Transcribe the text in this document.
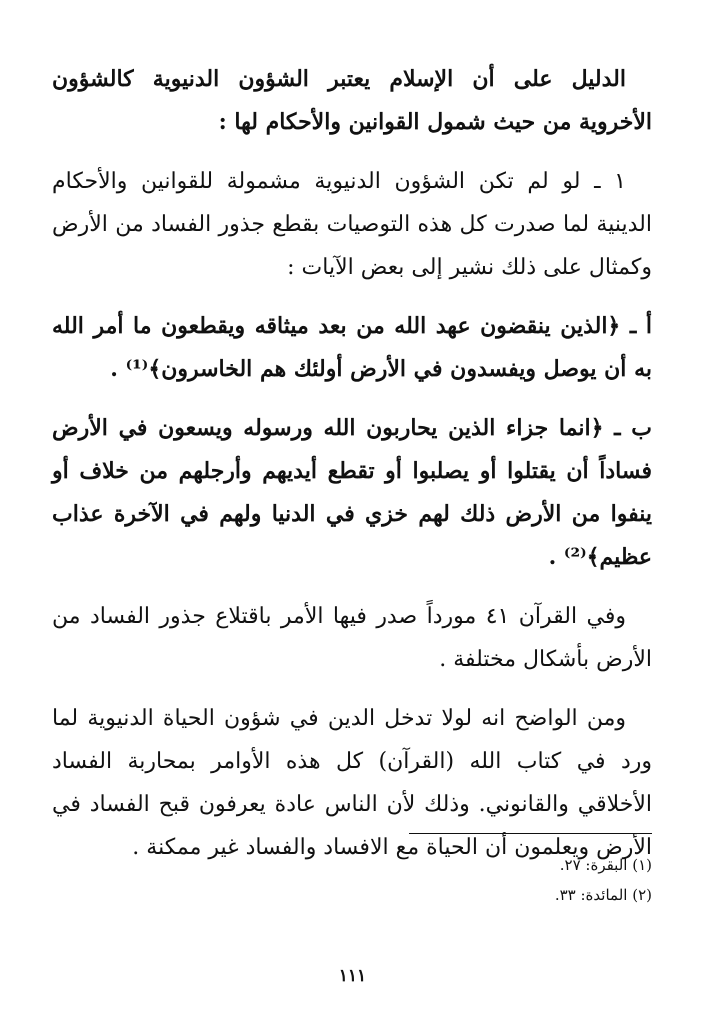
الدليل على أن الإسلام يعتبر الشؤون الدنيوية كالشؤون الأخروية من حيث شمول القوانين والأحكام لها :

١ ـ لو لم تكن الشؤون الدنيوية مشمولة للقوانين والأحكام الدينية لما صدرت كل هذه التوصيات بقطع جذور الفساد من الأرض وكمثال على ذلك نشير إلى بعض الآيات :

أ ـ ﴿الذين ينقضون عهد الله من بعد ميثاقه ويقطعون ما أمر الله به أن يوصل ويفسدون في الأرض أولئك هم الخاسرون﴾⁽¹⁾ .

ب ـ ﴿انما جزاء الذين يحاربون الله ورسوله ويسعون في الأرض فساداً أن يقتلوا أو يصلبوا أو تقطع أيديهم وأرجلهم من خلاف أو ينفوا من الأرض ذلك لهم خزي في الدنيا ولهم في الآخرة عذاب عظيم﴾⁽²⁾ .

وفي القرآن ٤١ مورداً صدر فيها الأمر باقتلاع جذور الفساد من الأرض بأشكال مختلفة .

ومن الواضح انه لولا تدخل الدين في شؤون الحياة الدنيوية لما ورد في كتاب الله (القرآن) كل هذه الأوامر بمحاربة الفساد الأخلاقي والقانوني. وذلك لأن الناس عادة يعرفون قبح الفساد في الأرض ويعلمون أن الحياة مع الافساد والفساد غير ممكنة .

(١) البقرة: ٢٧.
(٢) المائدة: ٣٣.
١١١
